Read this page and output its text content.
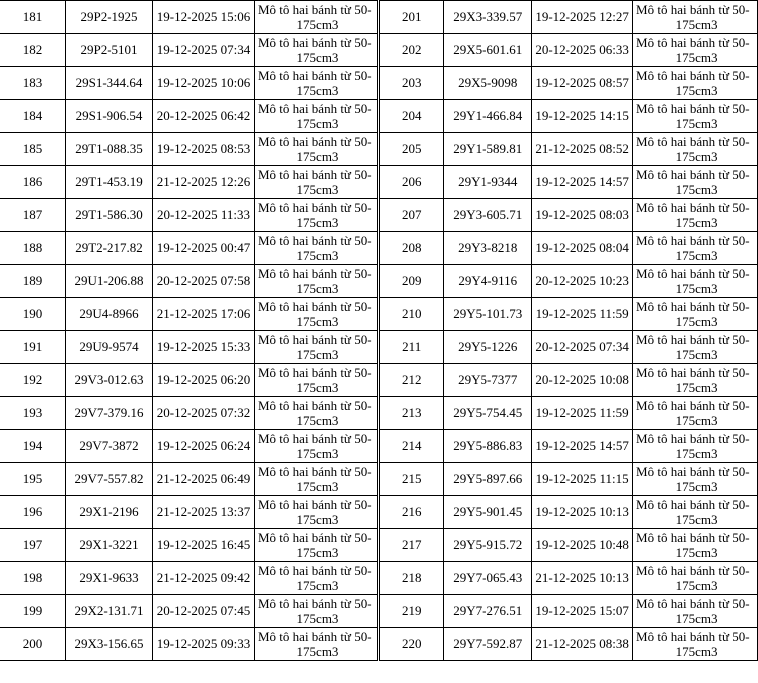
181	29P2-1925	19-12-2025 15:06	Mô tô hai bánh từ 50-
175cm3

182	29P2-5101	19-12-2025 07:34	Mô tô hai bánh từ 50-
175cm3

183	29S1-344.64	19-12-2025 10:06	Mô tô hai bánh từ 50-
175cm3

184	29S1-906.54	20-12-2025 06:42	Mô tô hai bánh từ 50-
175cm3

185	29T1-088.35	19-12-2025 08:53	Mô tô hai bánh từ 50-
175cm3

186	29T1-453.19	21-12-2025 12:26	Mô tô hai bánh từ 50-
175cm3

187	29T1-586.30	20-12-2025 11:33	Mô tô hai bánh từ 50-
175cm3

188	29T2-217.82	19-12-2025 00:47	Mô tô hai bánh từ 50-
175cm3

189	29U1-206.88	20-12-2025 07:58	Mô tô hai bánh từ 50-
175cm3

190	29U4-8966	21-12-2025 17:06	Mô tô hai bánh từ 50-
175cm3

191	29U9-9574	19-12-2025 15:33	Mô tô hai bánh từ 50-
175cm3

192	29V3-012.63	19-12-2025 06:20	Mô tô hai bánh từ 50-
175cm3

193	29V7-379.16	20-12-2025 07:32	Mô tô hai bánh từ 50-
175cm3

194	29V7-3872	19-12-2025 06:24	Mô tô hai bánh từ 50-
175cm3

195	29V7-557.82	21-12-2025 06:49	Mô tô hai bánh từ 50-
175cm3

196	29X1-2196	21-12-2025 13:37	Mô tô hai bánh từ 50-
175cm3

197	29X1-3221	19-12-2025 16:45	Mô tô hai bánh từ 50-
175cm3

198	29X1-9633	21-12-2025 09:42	Mô tô hai bánh từ 50-
175cm3

199	29X2-131.71	20-12-2025 07:45	Mô tô hai bánh từ 50-
175cm3

200	29X3-156.65	19-12-2025 09:33	Mô tô hai bánh từ 50-
175cm3
201	29X3-339.57	19-12-2025 12:27	Mô tô hai bánh từ 50-
175cm3

202	29X5-601.61	20-12-2025 06:33	Mô tô hai bánh từ 50-
175cm3

203	29X5-9098	19-12-2025 08:57	Mô tô hai bánh từ 50-
175cm3

204	29Y1-466.84	19-12-2025 14:15	Mô tô hai bánh từ 50-
175cm3

205	29Y1-589.81	21-12-2025 08:52	Mô tô hai bánh từ 50-
175cm3

206	29Y1-9344	19-12-2025 14:57	Mô tô hai bánh từ 50-
175cm3

207	29Y3-605.71	19-12-2025 08:03	Mô tô hai bánh từ 50-
175cm3

208	29Y3-8218	19-12-2025 08:04	Mô tô hai bánh từ 50-
175cm3

209	29Y4-9116	20-12-2025 10:23	Mô tô hai bánh từ 50-
175cm3

210	29Y5-101.73	19-12-2025 11:59	Mô tô hai bánh từ 50-
175cm3

211	29Y5-1226	20-12-2025 07:34	Mô tô hai bánh từ 50-
175cm3

212	29Y5-7377	20-12-2025 10:08	Mô tô hai bánh từ 50-
175cm3

213	29Y5-754.45	19-12-2025 11:59	Mô tô hai bánh từ 50-
175cm3

214	29Y5-886.83	19-12-2025 14:57	Mô tô hai bánh từ 50-
175cm3

215	29Y5-897.66	19-12-2025 11:15	Mô tô hai bánh từ 50-
175cm3

216	29Y5-901.45	19-12-2025 10:13	Mô tô hai bánh từ 50-
175cm3

217	29Y5-915.72	19-12-2025 10:48	Mô tô hai bánh từ 50-
175cm3

218	29Y7-065.43	21-12-2025 10:13	Mô tô hai bánh từ 50-
175cm3

219	29Y7-276.51	19-12-2025 15:07	Mô tô hai bánh từ 50-
175cm3

220	29Y7-592.87	21-12-2025 08:38	Mô tô hai bánh từ 50-
175cm3
